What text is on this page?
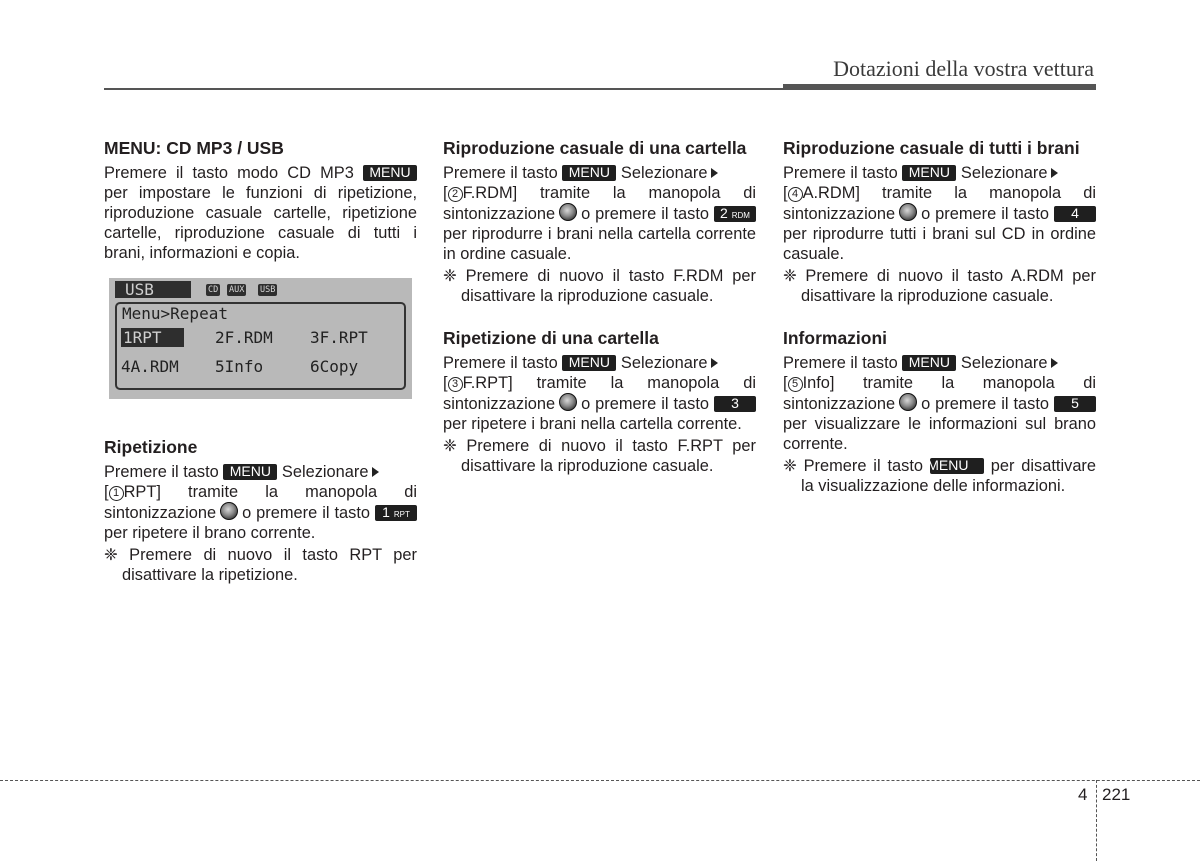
Dotazioni della vostra vettura
MENU: CD MP3 / USB

Premere il tasto modo CD MP3 MENU per impostare le funzioni di ripetizione, riproduzione casuale cartelle, ripetizione cartelle, riproduzione casuale di tutti i brani, informazioni e copia.

USB	CD AUX USB
Menu>Repeat
1RPT	2F.RDM 3F.RPT
4A.RDM 5Info	6Copy
Ripetizione

Premere il tasto MENU Selezionare
[ 1 RPT] tramite la manopola di sintonizzazione o premere il tasto 1 RPT per ripetere il brano corrente.

❈ Premere di nuovo il tasto RPT per disattivare la ripetizione.

Riproduzione casuale di una cartella

Premere il tasto MENU Selezionare
[ 2 F.RDM] tramite la manopola di sintonizzazione o premere il tasto 2 RDM per riprodurre i brani nella cartella corrente in ordine casuale.

❈ Premere di nuovo il tasto F.RDM per disattivare la riproduzione casuale.

Ripetizione di una cartella

Premere il tasto MENU Selezionare
[ 3 F.RPT] tramite la manopola di sintonizzazione o premere il tasto 3 per ripetere i brani nella cartella corrente.

❈ Premere di nuovo il tasto F.RPT per disattivare la riproduzione casuale.

Riproduzione casuale di tutti i brani

Premere il tasto MENU Selezionare
[ 4 A.RDM] tramite la manopola di sintonizzazione o premere il tasto 4 per riprodurre tutti i brani sul CD in ordine casuale.

❈ Premere di nuovo il tasto A.RDM per disattivare la riproduzione casuale.

Informazioni

Premere il tasto MENU Selezionare
[ 5 Info] tramite la manopola di sintonizzazione o premere il tasto 5 per visualizzare le informazioni sul brano corrente.

❈ Premere il tasto MENU per disattivare la visualizzazione delle informazioni.

4 221
